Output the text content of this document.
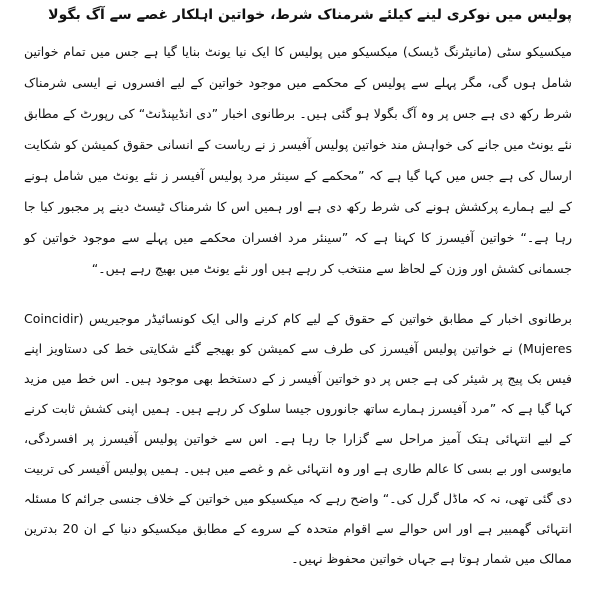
پولیس میں نوکری لینے کیلئے شرمناک شرط، خواتین اہلکار غصے سے آگ بگولا

میکسیکو سٹی (مانیٹرنگ ڈیسک) میکسیکو میں پولیس کا ایک نیا یونٹ بنایا گیا ہے جس میں تمام خواتین شامل ہوں گی، مگر پہلے سے پولیس کے محکمے میں موجود خواتین کے لیے افسروں نے ایسی شرمناک شرط رکھ دی ہے جس پر وہ آگ بگولا ہو گئی ہیں۔ برطانوی اخبار ”دی انڈیپنڈنٹ“ کی رپورٹ کے مطابق نئے یونٹ میں جانے کی خواہش مند خواتین پولیس آفیسر ز نے ریاست کے انسانی حقوق کمیشن کو شکایت ارسال کی ہے جس میں کہا گیا ہے کہ ”محکمے کے سینئر مرد پولیس آفیسر ز نئے یونٹ میں شامل ہونے کے لیے ہمارے پرکشش ہونے کی شرط رکھ دی ہے اور ہمیں اس کا شرمناک ٹیسٹ دینے پر مجبور کیا جا رہا ہے۔“ خواتین آفیسرز کا کہنا ہے کہ ”سینئر مرد افسران محکمے میں پہلے سے موجود خواتین کو جسمانی کشش اور وزن کے لحاظ سے منتخب کر رہے ہیں اور نئے یونٹ میں بھیج رہے ہیں۔“

برطانوی اخبار کے مطابق خواتین کے حقوق کے لیے کام کرنے والی ایک کونسائیڈر موجیریس (Coincidir Mujeres) نے خواتین پولیس آفیسرز کی طرف سے کمیشن کو بھیجے گئے شکایتی خط کی دستاویز اپنے فیس بک پیج پر شیئر کی ہے جس پر دو خواتین آفیسر ز کے دستخط بھی موجود ہیں۔ اس خط میں مزید کہا گیا ہے کہ ”مرد آفیسرز ہمارے ساتھ جانوروں جیسا سلوک کر رہے ہیں۔ ہمیں اپنی کشش ثابت کرنے کے لیے انتہائی ہتک آمیز مراحل سے گزارا جا رہا ہے۔ اس سے خواتین پولیس آفیسرز پر افسردگی، مایوسی اور بے بسی کا عالم طاری ہے اور وہ انتہائی غم و غصے میں ہیں۔ ہمیں پولیس آفیسر کی تربیت دی گئی تھی، نہ کہ ماڈل گرل کی۔“ واضح رہے کہ میکسیکو میں خواتین کے خلاف جنسی جرائم کا مسئلہ انتہائی گھمبیر ہے اور اس حوالے سے اقوام متحدہ کے سروے کے مطابق میکسیکو دنیا کے ان 20 بدترین ممالک میں شمار ہوتا ہے جہاں خواتین محفوظ نہیں۔
